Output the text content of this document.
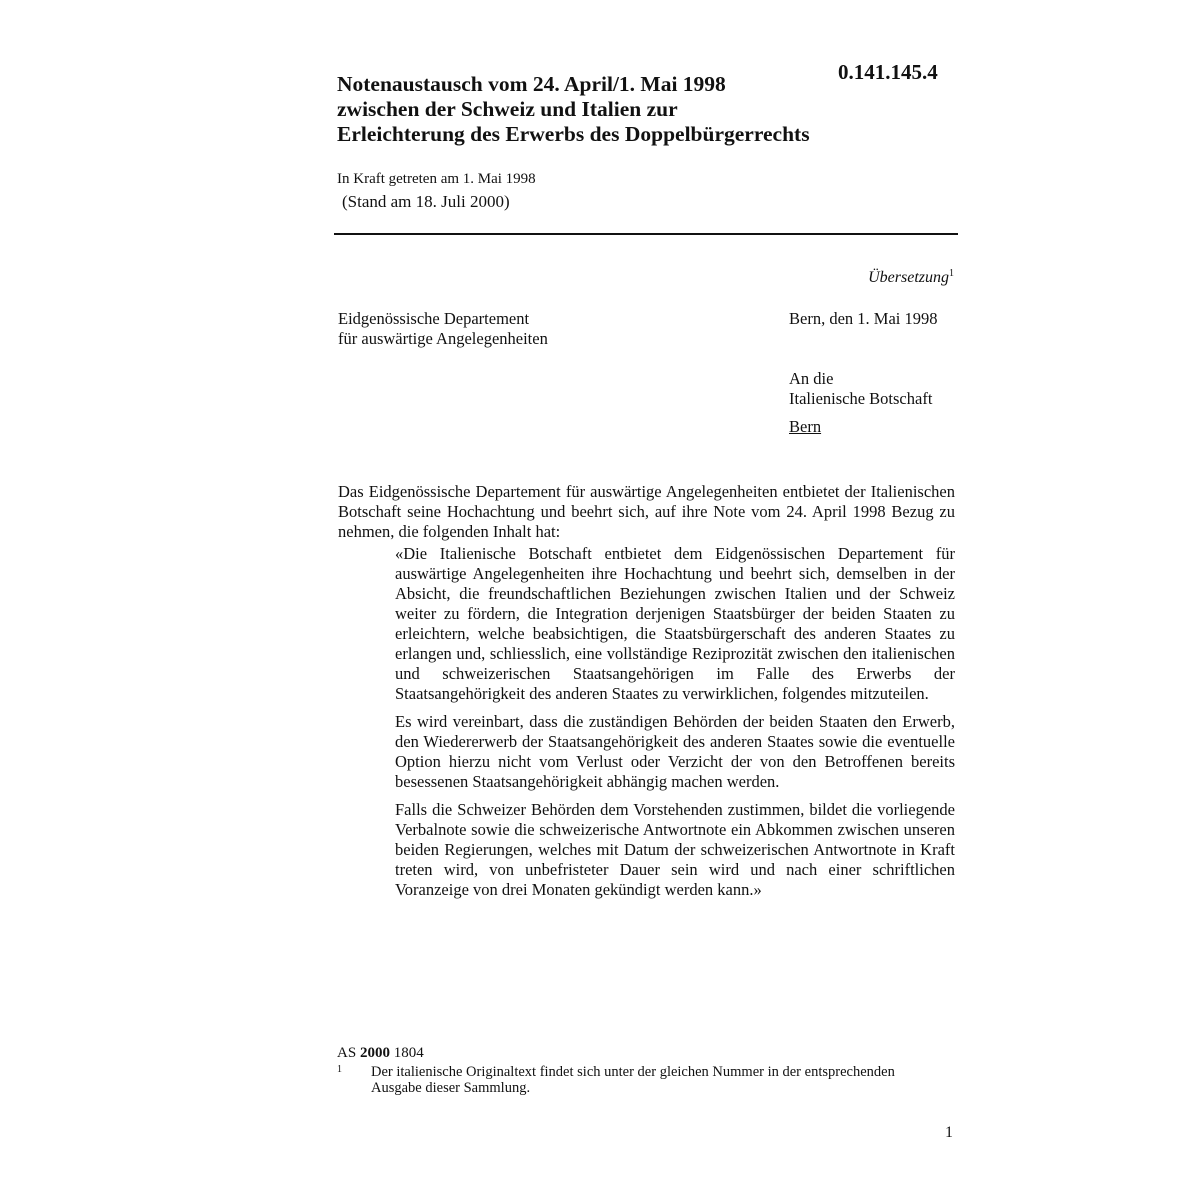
0.141.145.4
Notenaustausch vom 24. April/1. Mai 1998
zwischen der Schweiz und Italien zur
Erleichterung des Erwerbs des Doppelbürgerrechts
In Kraft getreten am 1. Mai 1998
(Stand am 18. Juli 2000)
Übersetzung$^1$
Eidgenössische Departement
für auswärtige Angelegenheiten
Bern, den 1. Mai 1998
An die
Italienische Botschaft
Bern

Das Eidgenössische Departement für auswärtige Angelegenheiten entbietet der Italienischen Botschaft seine Hochachtung und beehrt sich, auf ihre Note vom 24. April 1998 Bezug zu nehmen, die folgenden Inhalt hat:

«Die Italienische Botschaft entbietet dem Eidgenössischen Departement für auswärtige Angelegenheiten ihre Hochachtung und beehrt sich, demselben in der Absicht, die freundschaftlichen Beziehungen zwischen Italien und der Schweiz weiter zu fördern, die Integration derjenigen Staatsbürger der beiden Staaten zu erleichtern, welche beabsichtigen, die Staatsbürgerschaft des anderen Staates zu erlangen und, schliesslich, eine vollständige Reziprozität zwischen den italienischen und schweizerischen Staatsangehörigen im Falle des Erwerbs der Staatsangehörigkeit des anderen Staates zu verwirklichen, folgendes mitzuteilen.

Es wird vereinbart, dass die zuständigen Behörden der beiden Staaten den Erwerb, den Wiedererwerb der Staatsangehörigkeit des anderen Staates sowie die eventuelle Option hierzu nicht vom Verlust oder Verzicht der von den Betroffenen bereits besessenen Staatsangehörigkeit abhängig machen werden.

Falls die Schweizer Behörden dem Vorstehenden zustimmen, bildet die vorliegende Verbalnote sowie die schweizerische Antwortnote ein Abkommen zwischen unseren beiden Regierungen, welches mit Datum der schweizerischen Antwortnote in Kraft treten wird, von unbefristeter Dauer sein wird und nach einer schriftlichen Voranzeige von drei Monaten gekündigt werden kann.»

AS 2000 1804
1 Der italienische Originaltext findet sich unter der gleichen Nummer in der entsprechenden Ausgabe dieser Sammlung.
1
